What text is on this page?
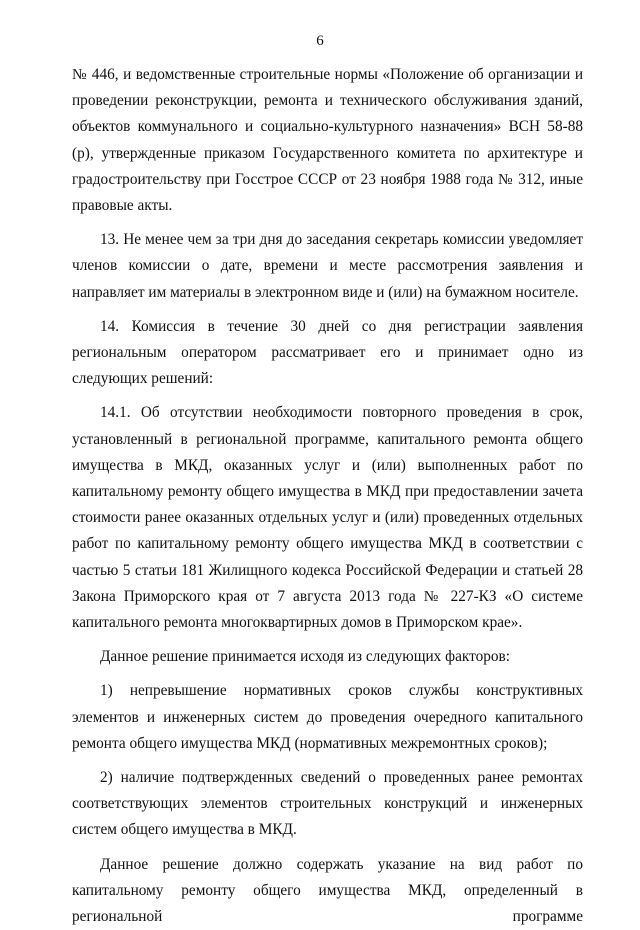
6

№ 446, и ведомственные строительные нормы «Положение об организации и проведении реконструкции, ремонта и технического обслуживания зданий, объектов коммунального и социально-культурного назначения» ВСН 58-88 (р), утвержденные приказом Государственного комитета по архитектуре и градостроительству при Госстрое СССР от 23 ноября 1988 года № 312, иные правовые акты.

13. Не менее чем за три дня до заседания секретарь комиссии уведомляет членов комиссии о дате, времени и месте рассмотрения заявления и направляет им материалы в электронном виде и (или) на бумажном носителе.

14. Комиссия в течение 30 дней со дня регистрации заявления региональным оператором рассматривает его и принимает одно из следующих решений:

14.1. Об отсутствии необходимости повторного проведения в срок, установленный в региональной программе, капитального ремонта общего имущества в МКД, оказанных услуг и (или) выполненных работ по капитальному ремонту общего имущества в МКД при предоставлении зачета стоимости ранее оказанных отдельных услуг и (или) проведенных отдельных работ по капитальному ремонту общего имущества МКД в соответствии с частью 5 статьи 181 Жилищного кодекса Российской Федерации и статьей 28 Закона Приморского края от 7 августа 2013 года № 227-КЗ «О системе капитального ремонта многоквартирных домов в Приморском крае».

Данное решение принимается исходя из следующих факторов:

1) непревышение нормативных сроков службы конструктивных элементов и инженерных систем до проведения очередного капитального ремонта общего имущества МКД (нормативных межремонтных сроков);

2) наличие подтвержденных сведений о проведенных ранее ремонтах соответствующих элементов строительных конструкций и инженерных систем общего имущества в МКД.

Данное решение должно содержать указание на вид работ по капитальному ремонту общего имущества МКД, определенный в региональной программе
